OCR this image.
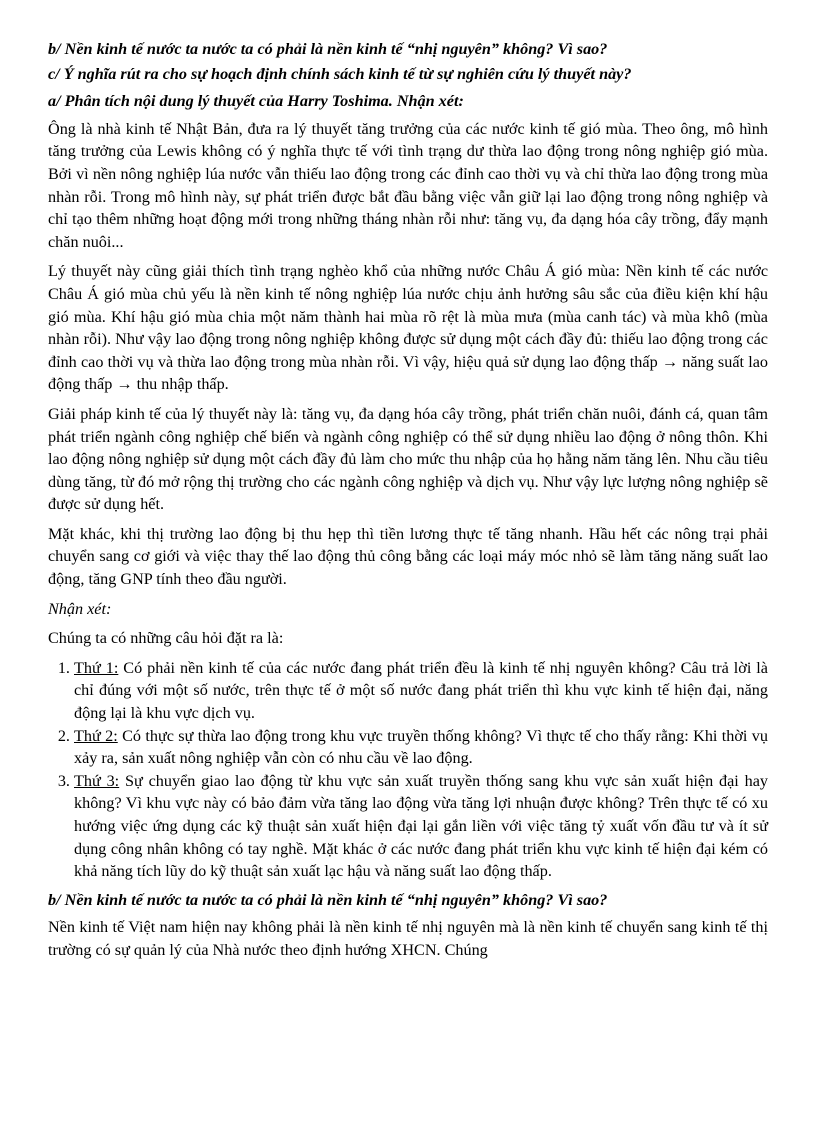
b/ Nền kinh tế nước ta nước ta có phải là nền kinh tế “nhị nguyên” không? Vì sao?
c/ Ý nghĩa rút ra cho sự hoạch định chính sách kinh tế từ sự nghiên cứu lý thuyết này?
a/ Phân tích nội dung lý thuyết của Harry Toshima. Nhận xét:

Ông là nhà kinh tế Nhật Bản, đưa ra lý thuyết tăng trưởng của các nước kinh tế gió mùa. Theo ông, mô hình tăng trưởng của Lewis không có ý nghĩa thực tế với tình trạng dư thừa lao động trong nông nghiệp gió mùa. Bởi vì nền nông nghiệp lúa nước vẫn thiếu lao động trong các đỉnh cao thời vụ và chỉ thừa lao động trong mùa nhàn rỗi. Trong mô hình này, sự phát triển được bắt đầu bằng việc vẫn giữ lại lao động trong nông nghiệp và chỉ tạo thêm những hoạt động mới trong những tháng nhàn rỗi như: tăng vụ, đa dạng hóa cây trồng, đẩy mạnh chăn nuôi...

Lý thuyết này cũng giải thích tình trạng nghèo khổ của những nước Châu Á gió mùa: Nền kinh tế các nước Châu Á gió mùa chủ yếu là nền kinh tế nông nghiệp lúa nước chịu ảnh hưởng sâu sắc của điều kiện khí hậu gió mùa. Khí hậu gió mùa chia một năm thành hai mùa rõ rệt là mùa mưa (mùa canh tác) và mùa khô (mùa nhàn rỗi). Như vậy lao động trong nông nghiệp không được sử dụng một cách đầy đủ: thiếu lao động trong các đỉnh cao thời vụ và thừa lao động trong mùa nhàn rỗi. Vì vậy, hiệu quả sử dụng lao động thấp → năng suất lao động thấp → thu nhập thấp.

Giải pháp kinh tế của lý thuyết này là: tăng vụ, đa dạng hóa cây trồng, phát triển chăn nuôi, đánh cá, quan tâm phát triển ngành công nghiệp chế biến và ngành công nghiệp có thể sử dụng nhiều lao động ở nông thôn. Khi lao động nông nghiệp sử dụng một cách đầy đủ làm cho mức thu nhập của họ hằng năm tăng lên. Nhu cầu tiêu dùng tăng, từ đó mở rộng thị trường cho các ngành công nghiệp và dịch vụ. Như vậy lực lượng nông nghiệp sẽ được sử dụng hết.

Mặt khác, khi thị trường lao động bị thu hẹp thì tiền lương thực tế tăng nhanh. Hầu hết các nông trại phải chuyển sang cơ giới và việc thay thế lao động thủ công bằng các loại máy móc nhỏ sẽ làm tăng năng suất lao động, tăng GNP tính theo đầu người.

Nhận xét:

Chúng ta có những câu hỏi đặt ra là:

1. Thứ 1: Có phải nền kinh tế của các nước đang phát triển đều là kinh tế nhị nguyên không? Câu trả lời là chỉ đúng với một số nước, trên thực tế ở một số nước đang phát triển thì khu vực kinh tế hiện đại, năng động lại là khu vực dịch vụ.
2. Thứ 2: Có thực sự thừa lao động trong khu vực truyền thống không? Vì thực tế cho thấy rằng: Khi thời vụ xảy ra, sản xuất nông nghiệp vẫn còn có nhu cầu về lao động.
3. Thứ 3: Sự chuyển giao lao động từ khu vực sản xuất truyền thống sang khu vực sản xuất hiện đại hay không? Vì khu vực này có bảo đảm vừa tăng lao động vừa tăng lợi nhuận được không? Trên thực tế có xu hướng việc ứng dụng các kỹ thuật sản xuất hiện đại lại gắn liền với việc tăng tỷ xuất vốn đầu tư và ít sử dụng công nhân không có tay nghề. Mặt khác ở các nước đang phát triển khu vực kinh tế hiện đại kém có khả năng tích lũy do kỹ thuật sản xuất lạc hậu và năng suất lao động thấp.
b/ Nền kinh tế nước ta nước ta có phải là nền kinh tế “nhị nguyên” không? Vì sao?

Nền kinh tế Việt nam hiện nay không phải là nền kinh tế nhị nguyên mà là nền kinh tế chuyển sang kinh tế thị trường có sự quản lý của Nhà nước theo định hướng XHCN. Chúng
